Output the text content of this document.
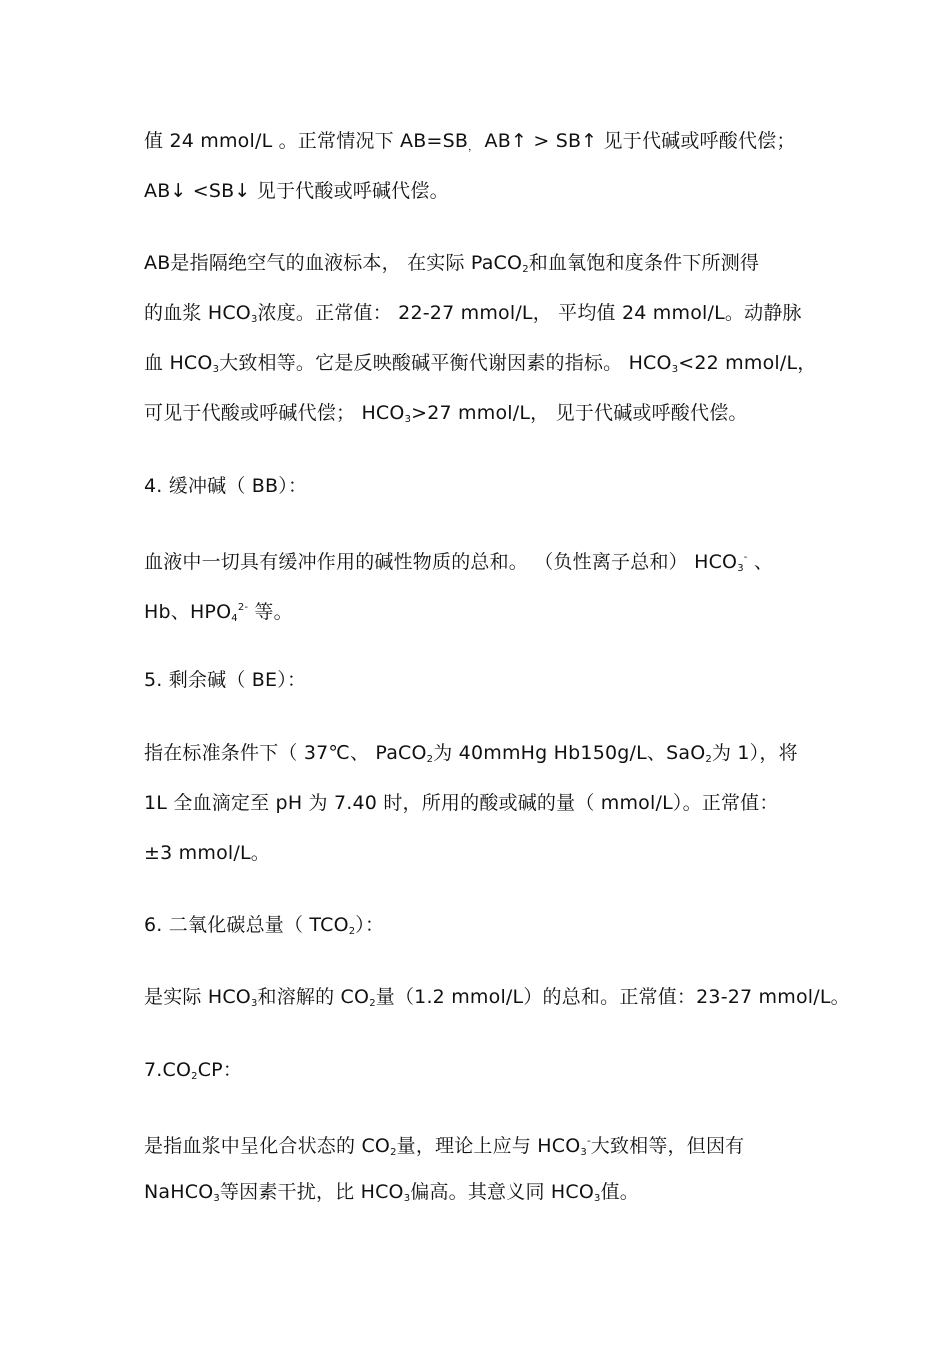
值 24 mmol/L 。正常情况下 $AB=SB_,$ AB↑ > SB↑ 见于代碱或呼酸代偿；
AB↓ <SB↓ 见于代酸或呼碱代偿。
AB是指隔绝空气的血液标本， 在实际 PaCO$_2$和血氧饱和度条件下所测得
的血浆 $HCO_3$浓度。正常值： 22-27 mmol/L， 平均值 24 mmol/L。动静脉
血 $HCO_3$大致相等。它是反映酸碱平衡代谢因素的指标。 $HCO_3<22$ mmol/L，
可见于代酸或呼碱代偿； $HCO_3>27$ mmol/L， 见于代碱或呼酸代偿。
4. 缓冲碱（ BB）：
血液中一切具有缓冲作用的碱性物质的总和。 （负性离子总和） $HCO_3^-$ 、
Hb、$HPO_4^{2-}$ 等。
5. 剩余碱（ BE）：
指在标准条件下（ 37℃、 PaCO$_2$为 40mmHg Hb150g/L、SaO$_2$为 1），将
1L 全血滴定至 pH 为 7.40 时，所用的酸或碱的量（ mmol/L）。正常值：
±3 mmol/L。
6. 二氧化碳总量（ $TCO_2$）：
是实际 $HCO_3$和溶解的 $CO_2$量（1.2 mmol/L）的总和。正常值：23-27 mmol/L。
$7.CO_2CP$：
是指血浆中呈化合状态的 $CO_2$量，理论上应与 $HCO_3^-$大致相等，但因有
NaHCO$_3$等因素干扰，比 $HCO_3$偏高。其意义同 $HCO_3$值。
